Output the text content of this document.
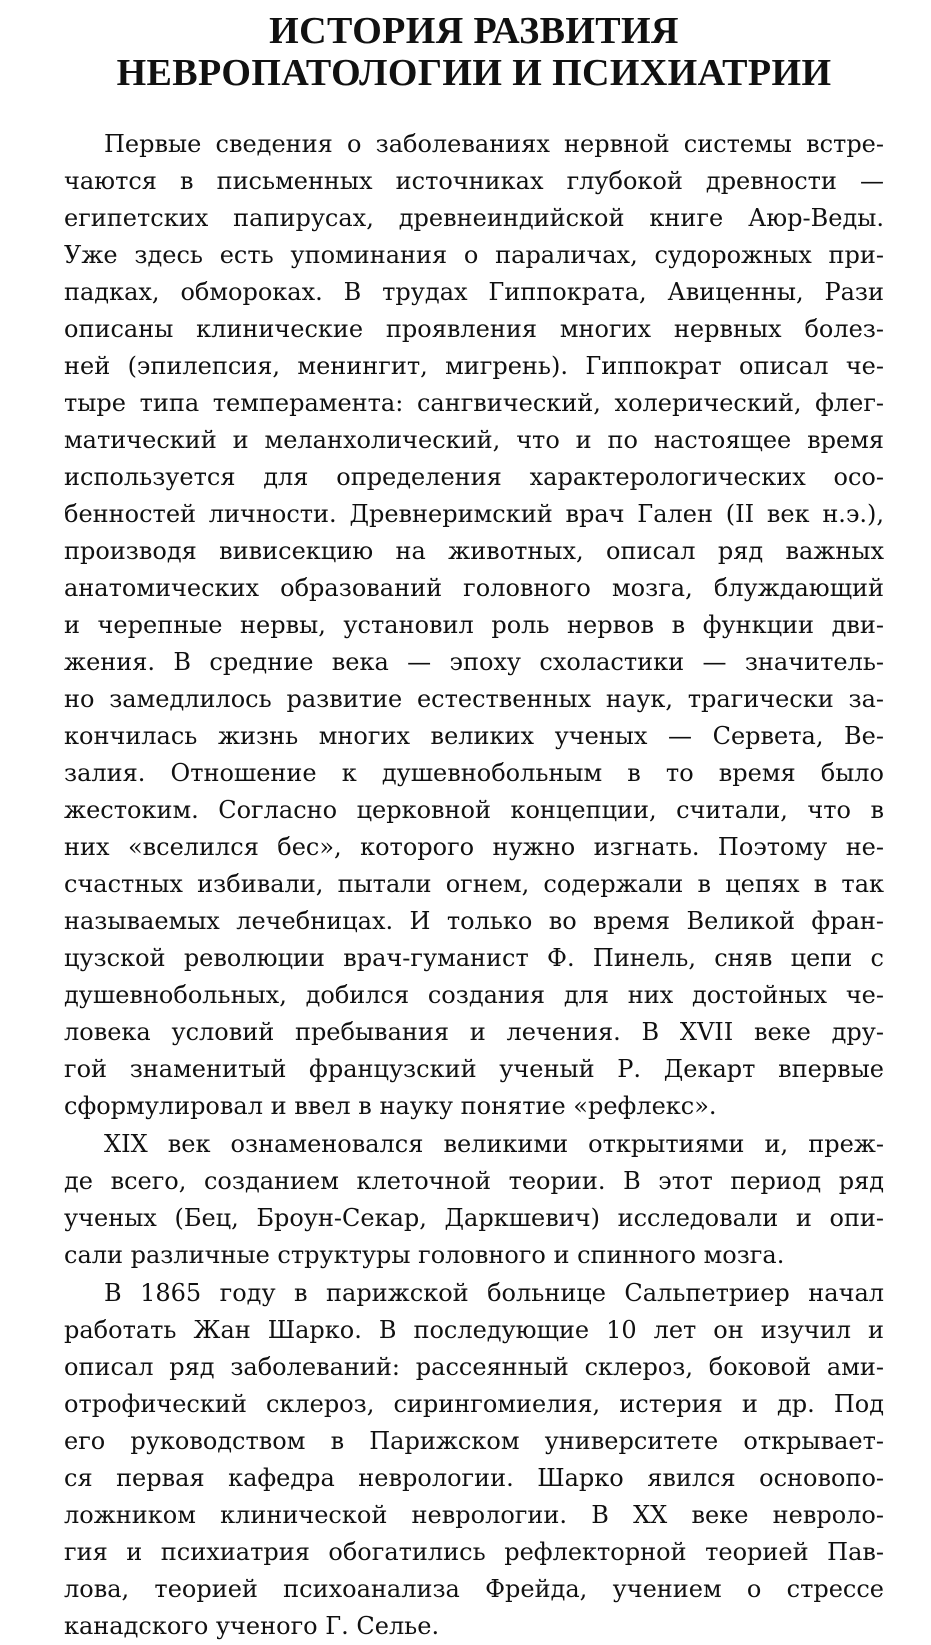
ИСТОРИЯ РАЗВИТИЯ
НЕВРОПАТОЛОГИИ И ПСИХИАТРИИ
Первые сведения о заболеваниях нервной системы встре-
чаются в письменных источниках глубокой древности —
египетских папирусах, древнеиндийской книге Аюр-Веды.
Уже здесь есть упоминания о параличах, судорожных при-
падках, обмороках. В трудах Гиппократа, Авиценны, Рази
описаны клинические проявления многих нервных болез-
ней (эпилепсия, менингит, мигрень). Гиппократ описал че-
тыре типа темперамента: сангвический, холерический, флег-
матический и меланхолический, что и по настоящее время
используется для определения характерологических осо-
бенностей личности. Древнеримский врач Гален (II век н.э.),
производя вивисекцию на животных, описал ряд важных
анатомических образований головного мозга, блуждающий
и черепные нервы, установил роль нервов в функции дви-
жения. В средние века — эпоху схоластики — значитель-
но замедлилось развитие естественных наук, трагически за-
кончилась жизнь многих великих ученых — Сервета, Ве-
залия. Отношение к душевнобольным в то время было
жестоким. Согласно церковной концепции, считали, что в
них «вселился бес», которого нужно изгнать. Поэтому не-
счастных избивали, пытали огнем, содержали в цепях в так
называемых лечебницах. И только во время Великой фран-
цузской революции врач-гуманист Ф. Пинель, сняв цепи с
душевнобольных, добился создания для них достойных че-
ловека условий пребывания и лечения. В XVII веке дру-
гой знаменитый французский ученый Р. Декарт впервые
сформулировал и ввел в науку понятие «рефлекс».
XIX век ознаменовался великими открытиями и, преж-
де всего, созданием клеточной теории. В этот период ряд
ученых (Бец, Броун-Секар, Даркшевич) исследовали и опи-
сали различные структуры головного и спинного мозга.
В 1865 году в парижской больнице Сальпетриер начал
работать Жан Шарко. В последующие 10 лет он изучил и
описал ряд заболеваний: рассеянный склероз, боковой ами-
отрофический склероз, сирингомиелия, истерия и др. Под
его руководством в Парижском университете открывает-
ся первая кафедра неврологии. Шарко явился основопо-
ложником клинической неврологии. В XX веке невроло-
гия и психиатрия обогатились рефлекторной теорией Пав-
лова, теорией психоанализа Фрейда, учением о стрессе
канадского ученого Г. Селье.
